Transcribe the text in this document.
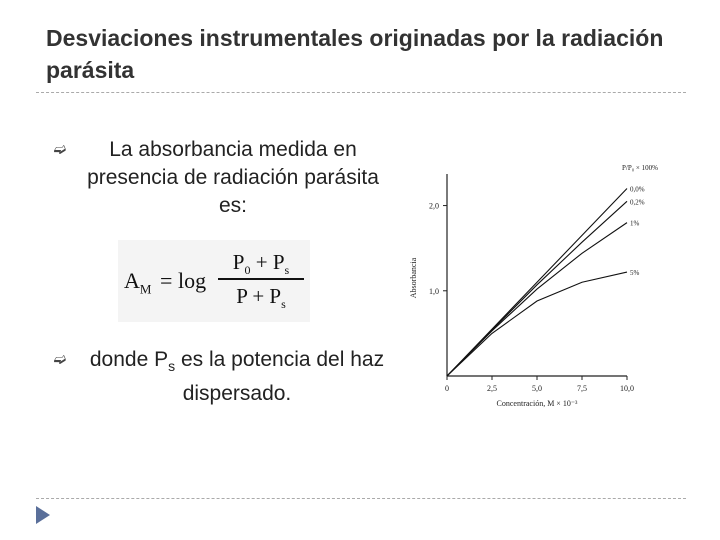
Desviaciones instrumentales originadas por la radiación parásita
➫	La absorbancia medida en presencia de radiación parásita es:
$A_M = \log$
$P_0 + P_s$
$P + P_s$
➫	donde $P_s$ es la potencia del haz dispersado.	0	2,5	5,0	7,5	10,0
1,0
2,0
Concentración, M × 10⁻³
Absorbancia
P/P₀ × 100%
0,0%
0,2%
1%
5%
